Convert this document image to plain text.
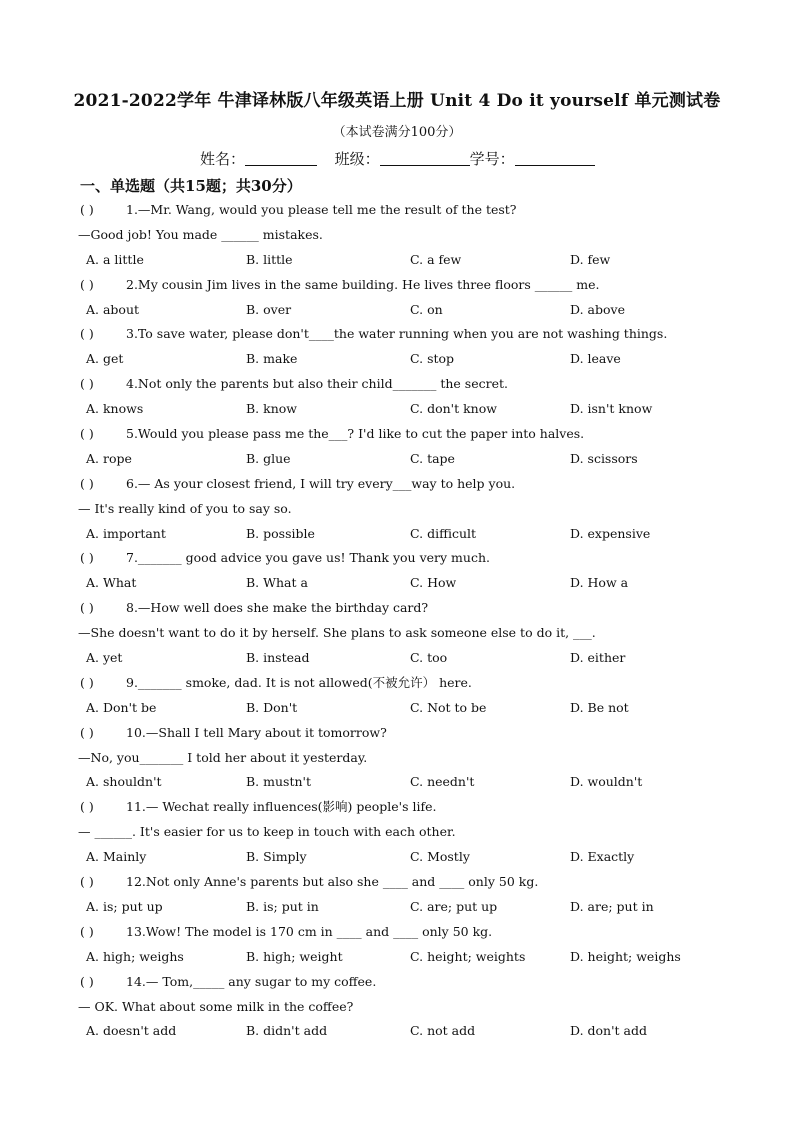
2021-2022学年 牛津译林版八年级英语上册 Unit 4 Do it yourself 单元测试卷
（本试卷满分100分）
姓名：	班级：	学号：
一、单选题（共15题；共30分）
( )	1.—Mr. Wang, would you please tell me the result of the test?
—Good job! You made ______ mistakes.
A. a little	B. little	C. a few	D. few
( )	2.My cousin Jim lives in the same building. He lives three floors ______ me.
A. about	B. over	C. on	D. above
( )	3.To save water, please don't____the water running when you are not washing things.
A. get	B. make	C. stop	D. leave
( )	4.Not only the parents but also their child_______ the secret.
A. knows	B. know	C. don't know	D. isn't know
( )	5.Would you please pass me the___? I'd like to cut the paper into halves.
A. rope	B. glue	C. tape	D. scissors
( )	6.— As your closest friend, I will try every___way to help you.
— It's really kind of you to say so.
A. important	B. possible	C. difficult	D. expensive
( )	7._______ good advice you gave us! Thank you very much.
A. What	B. What a	C. How	D. How a
( )	8.—How well does she make the birthday card?
—She doesn't want to do it by herself. She plans to ask someone else to do it, ___.
A. yet	B. instead	C. too	D. either
( )	9._______ smoke, dad. It is not allowed(不被允许） here.
A. Don't be	B. Don't	C. Not to be	D. Be not
( )	10.—Shall I tell Mary about it tomorrow?
—No, you_______ I told her about it yesterday.
A. shouldn't	B. mustn't	C. needn't	D. wouldn't
( )	11.— Wechat really influences(影响) people's life.
— ______. It's easier for us to keep in touch with each other.
A. Mainly	B. Simply	C. Mostly	D. Exactly
( )	12.Not only Anne's parents but also she ____ and ____ only 50 kg.
A. is; put up	B. is; put in	C. are; put up	D. are; put in
( )	13.Wow! The model is 170 cm in ____ and ____ only 50 kg.
A. high; weighs	B. high; weight	C. height; weights	D. height; weighs
( )	14.— Tom,_____ any sugar to my coffee.
— OK. What about some milk in the coffee?
A. doesn't add	B. didn't add	C. not add	D. don't add
